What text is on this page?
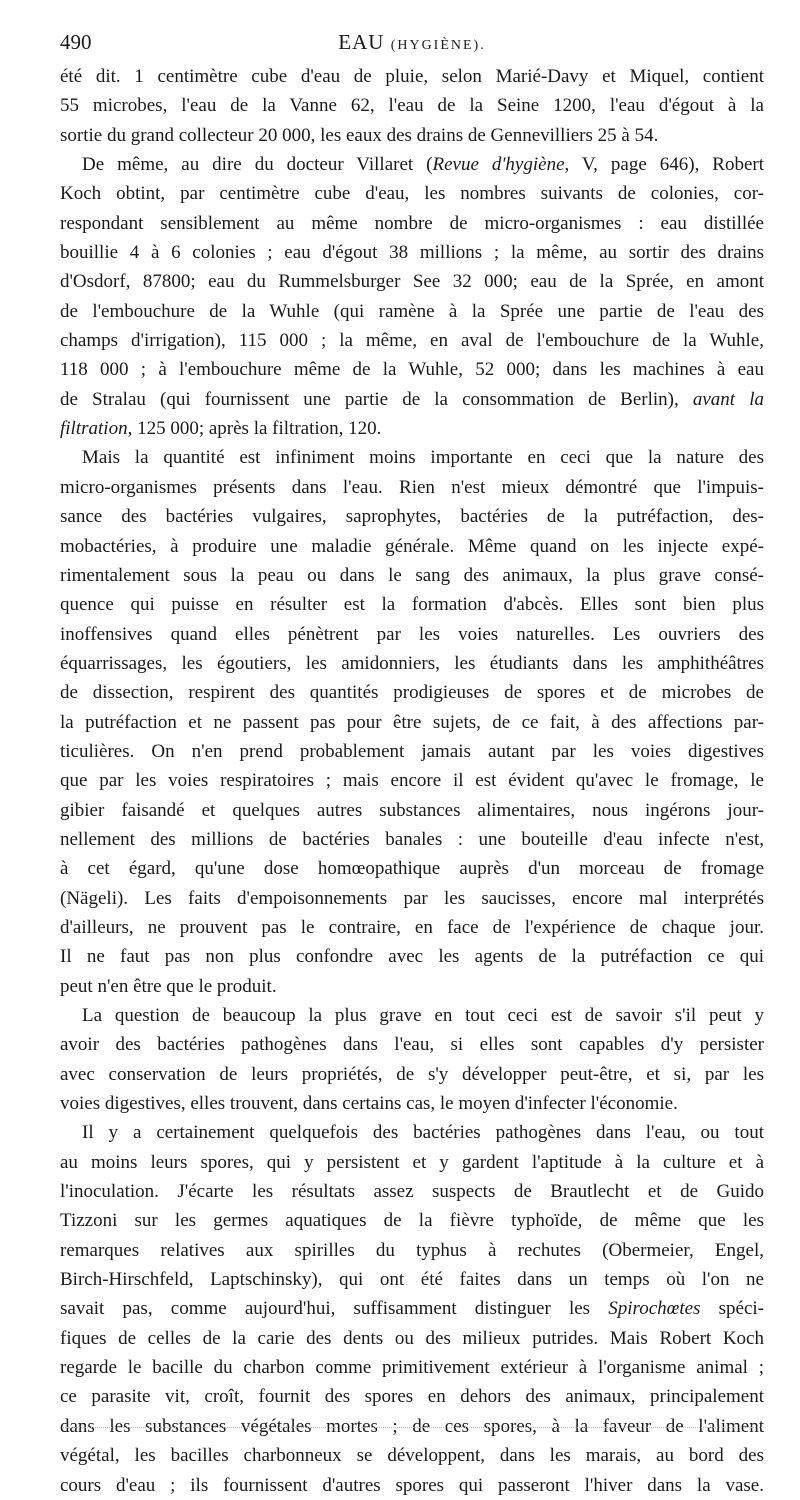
490	EAU (HYGIÈNE).
été dit. 1 centimètre cube d'eau de pluie, selon Marié-Davy et Miquel, contient
55 microbes, l'eau de la Vanne 62, l'eau de la Seine 1200, l'eau d'égout à la
sortie du grand collecteur 20 000, les eaux des drains de Gennevilliers 25 à 54.
De même, au dire du docteur Villaret (Revue d'hygiène, V, page 646), Robert
Koch obtint, par centimètre cube d'eau, les nombres suivants de colonies, cor-
respondant sensiblement au même nombre de micro-organismes : eau distillée
bouillie 4 à 6 colonies ; eau d'égout 38 millions ; la même, au sortir des drains
d'Osdorf, 87800; eau du Rummelsburger See 32 000; eau de la Sprée, en amont
de l'embouchure de la Wuhle (qui ramène à la Sprée une partie de l'eau des
champs d'irrigation), 115 000 ; la même, en aval de l'embouchure de la Wuhle,
118 000 ; à l'embouchure même de la Wuhle, 52 000; dans les machines à eau
de Stralau (qui fournissent une partie de la consommation de Berlin), avant la
filtration, 125 000; après la filtration, 120.
Mais la quantité est infiniment moins importante en ceci que la nature des
micro-organismes présents dans l'eau. Rien n'est mieux démontré que l'impuis-
sance des bactéries vulgaires, saprophytes, bactéries de la putréfaction, des-
mobactéries, à produire une maladie générale. Même quand on les injecte expé-
rimentalement sous la peau ou dans le sang des animaux, la plus grave consé-
quence qui puisse en résulter est la formation d'abcès. Elles sont bien plus
inoffensives quand elles pénètrent par les voies naturelles. Les ouvriers des
équarrissages, les égoutiers, les amidonniers, les étudiants dans les amphithéâtres
de dissection, respirent des quantités prodigieuses de spores et de microbes de
la putréfaction et ne passent pas pour être sujets, de ce fait, à des affections par-
ticulières. On n'en prend probablement jamais autant par les voies digestives
que par les voies respiratoires ; mais encore il est évident qu'avec le fromage, le
gibier faisandé et quelques autres substances alimentaires, nous ingérons jour-
nellement des millions de bactéries banales : une bouteille d'eau infecte n'est,
à cet égard, qu'une dose homœopathique auprès d'un morceau de fromage
(Nägeli). Les faits d'empoisonnements par les saucisses, encore mal interprétés
d'ailleurs, ne prouvent pas le contraire, en face de l'expérience de chaque jour.
Il ne faut pas non plus confondre avec les agents de la putréfaction ce qui
peut n'en être que le produit.
La question de beaucoup la plus grave en tout ceci est de savoir s'il peut y
avoir des bactéries pathogènes dans l'eau, si elles sont capables d'y persister
avec conservation de leurs propriétés, de s'y développer peut-être, et si, par les
voies digestives, elles trouvent, dans certains cas, le moyen d'infecter l'économie.
Il y a certainement quelquefois des bactéries pathogènes dans l'eau, ou tout
au moins leurs spores, qui y persistent et y gardent l'aptitude à la culture et à
l'inoculation. J'écarte les résultats assez suspects de Brautlecht et de Guido
Tizzoni sur les germes aquatiques de la fièvre typhoïde, de même que les
remarques relatives aux spirilles du typhus à rechutes (Obermeier, Engel,
Birch-Hirschfeld, Laptschinsky), qui ont été faites dans un temps où l'on ne
savait pas, comme aujourd'hui, suffisamment distinguer les Spirochœtes spéci-
fiques de celles de la carie des dents ou des milieux putrides. Mais Robert Koch
regarde le bacille du charbon comme primitivement extérieur à l'organisme animal ;
ce parasite vit, croît, fournit des spores en dehors des animaux, principalement
dans les substances végétales mortes ; de ces spores, à la faveur de l'aliment
végétal, les bacilles charbonneux se développent, dans les marais, au bord des
cours d'eau ; ils fournissent d'autres spores qui passeront l'hiver dans la vase.
